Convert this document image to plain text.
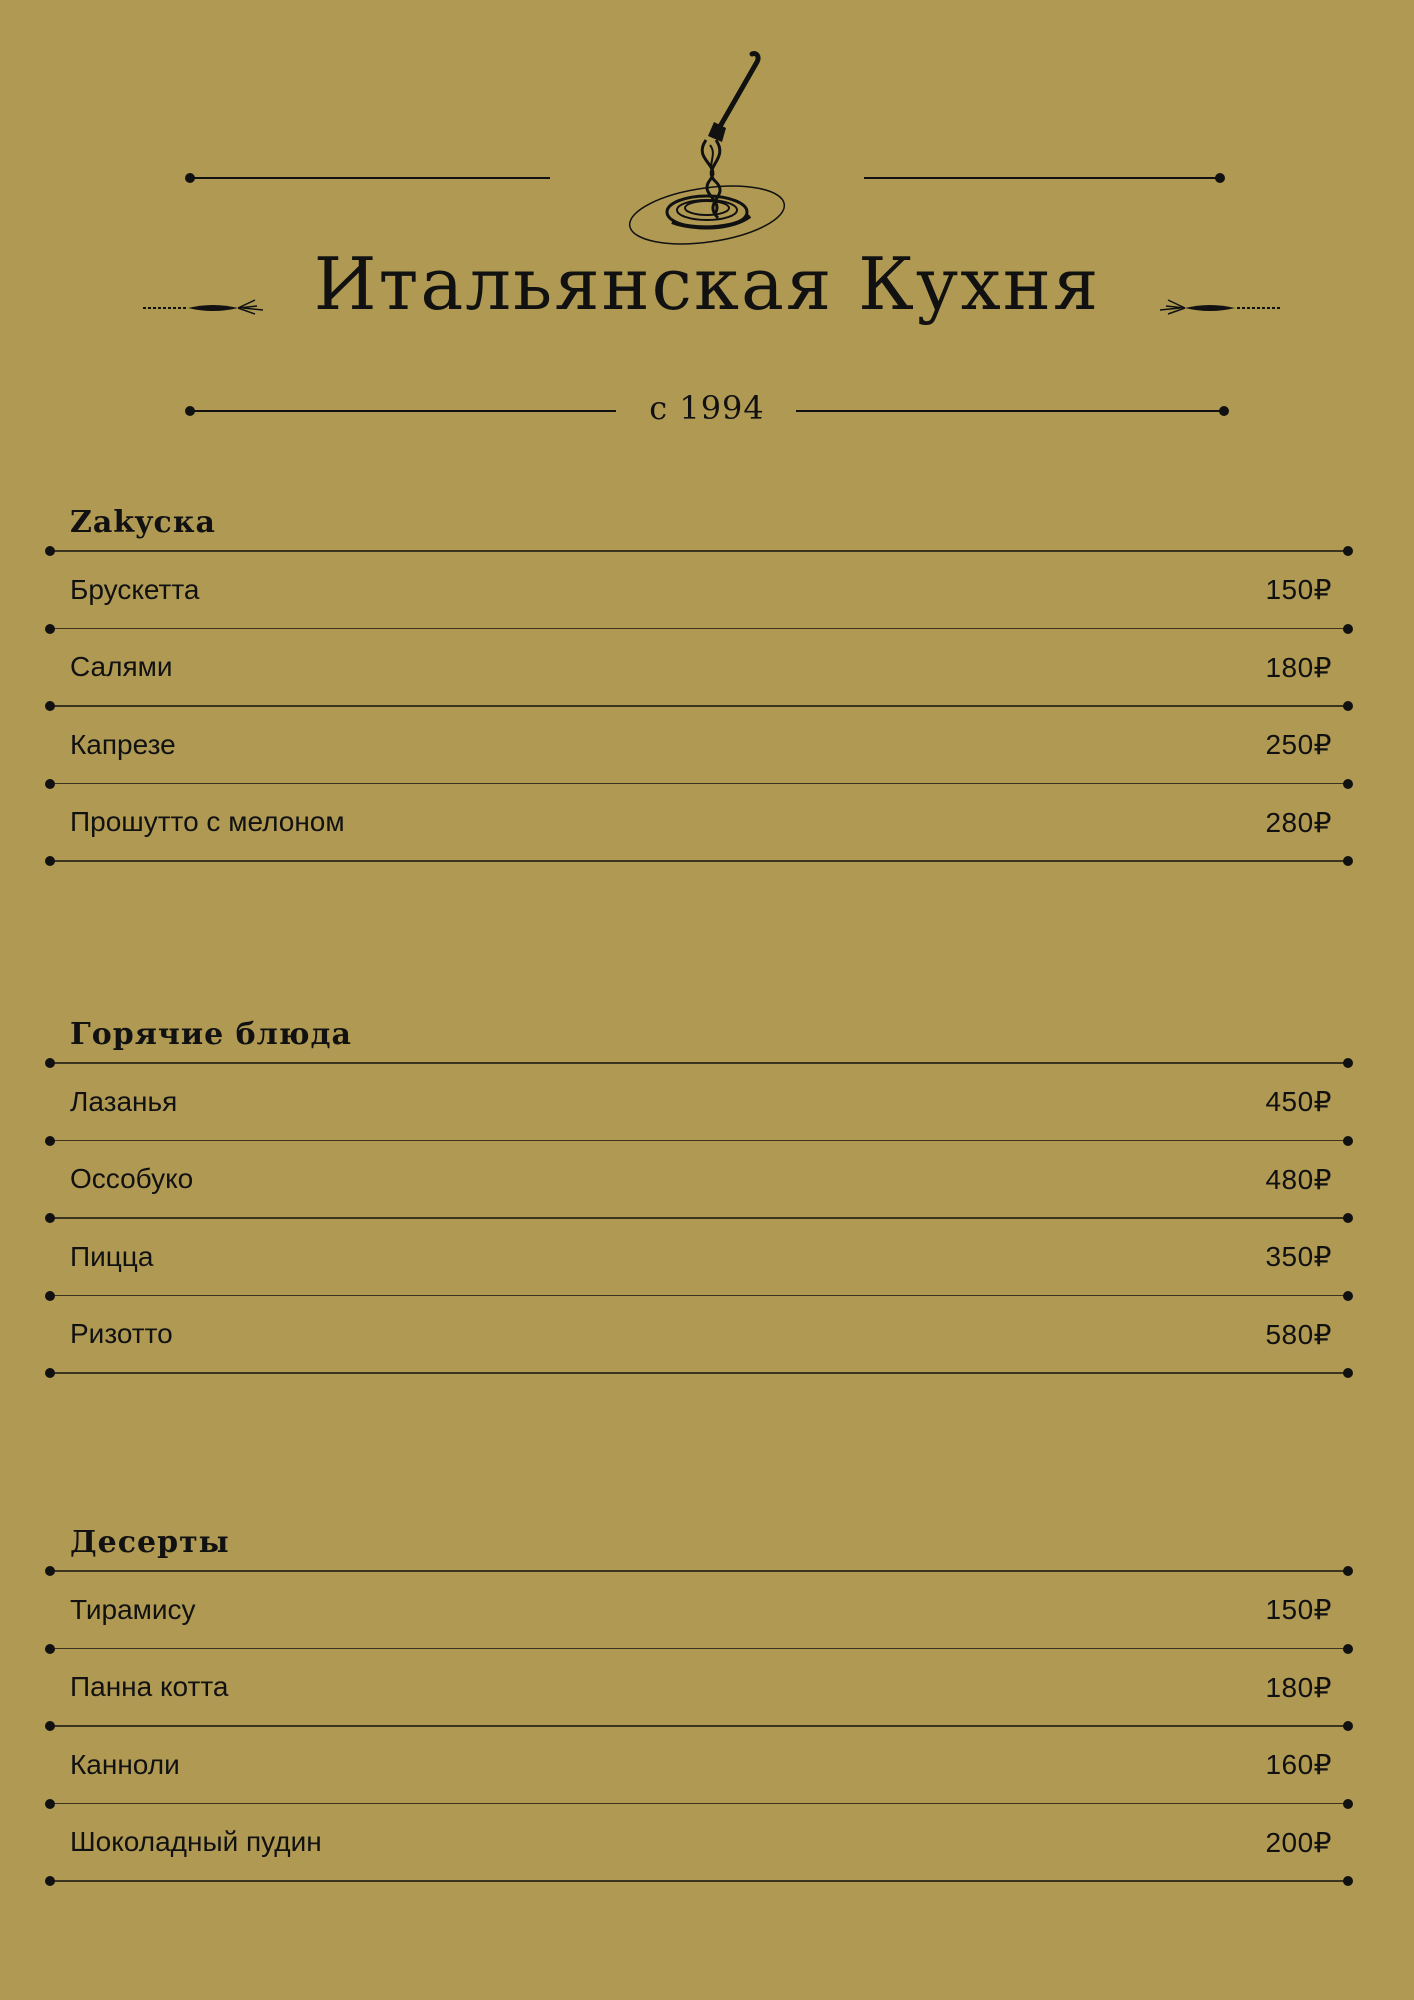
Итальянская Кухня
с 1994
Zakyска
Брускетта	150₽
Салями	180₽
Капрезе	250₽
Прошутто с мелоном	280₽
Горячие блюда
Лазанья	450₽
Оссобуко	480₽
Пицца	350₽
Ризотто	580₽
Десерты
Тирамису	150₽
Панна котта	180₽
Канноли	160₽
Шоколадный пудин	200₽
